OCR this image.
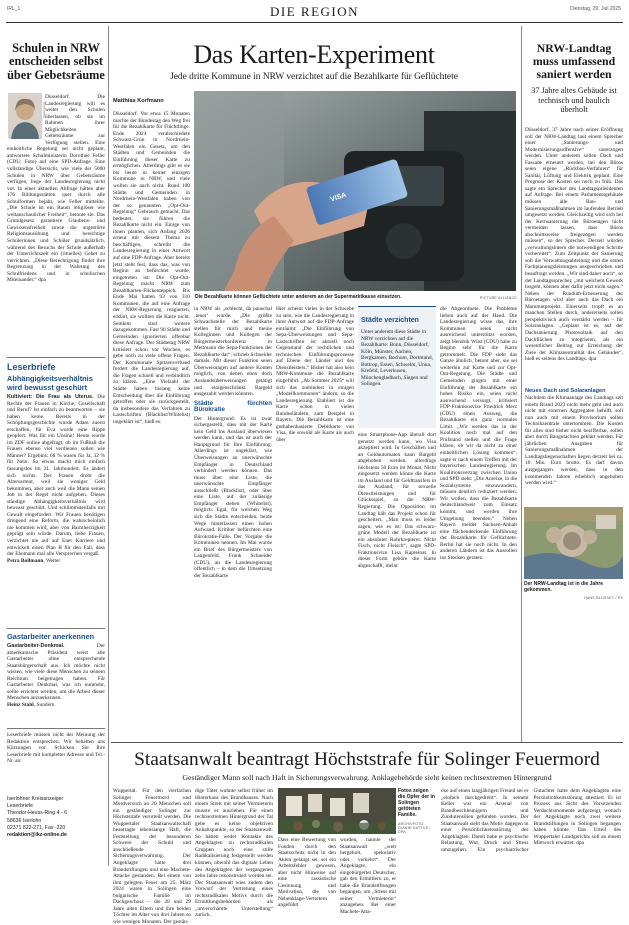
IRL_1	DIE REGION	Dienstag, 29. Juli 2025
Schulen in NRW entscheiden selbst über Gebetsräume
Isabel Görtz

Düsseldorf. Die Landesregierung will es weiter den Schulen überlassen, ob sie im Rahmen ihrer Möglichkeiten Gebetsräume zur Verfügung stellen. Eine einheitliche Regelung sei nicht geplant, antwortete Schulministerin Dorothee Feller (CDU; Foto) auf eine SPD-Anfrage. Eine vollständige Übersicht, wie viele der 5000 Schulen in NRW über Gebetsräume verfügen, liege der Landesregierung nicht vor. In einer aktuellen Abfrage hätten aber 176 Bildungsstätten quer durch alle Schulformen bejaht, wie Feller mitteilte. „Die Schule ist ein Raum religiöser wie weltanschaulicher Freiheit“, betonte sie. Das Grundgesetz garantiere Glaubens- und Gewissensfreiheit sowie die ungestörte Religionsausübung und berechtige Schülerinnen und Schüler grundsätzlich, während des Besuchs der Schule außerhalb der Unterrichtszeit ein (rituelles) Gebet zu verrichten. „Diese Berechtigung findet ihre Begrenzung in der Wahrung des Schulfriedens und in schulischen Miteinander.“ dpa

Leserbriefe
Abhängigkeitsverhältnis wird bewusst geschürt
Kultiviert: Die Frau als Uterus. Die Rechte der Frauen in Kirche, Gesellschaft und Beruf? Ist einfach zu beantworten – sie haben keine. Bereits in der Schöpfungsgeschichte wurde Adam zuerst erschaffen, für Eva wurde eine Rippe geopfert. Was für ein Unsinn! Heute wurde im ZDF online abgefragt, ob im Fußball die Frauen ebenso viel verdienen sollen wie Männer? Ergebnis: 68 % waren für Ja, 32 % für Nein. So etwas macht mich einfach fassungslos im 21. Jahrhundert. Es ändert sich nichts. Der Frauen droht die Altersarmut, weil sie weniger Geld bekommen, aber auch weil die Mann seinen Job in der Regel nicht aufgeben. Dieses ständige Abhängigkeitsverhältnis wird bewusst geschürt. Und schlimmstenfalls mit Gewalt eingefordert. Wir Frauen benötigen dringend eine Reform, die wahrscheinlich nie kommen wird, aber von Barmherzigkeit geprägt sein würde. Darum, liebe Frauen, verzichtet nie auf auf Euer Karriere und entwickelt einen Plan B für den Fall, dass der Ehemann mal alle Versprechen vergaß.
Petra Bollmann, Wetter
Gastarbeiter anerkennen
Gastarbeiter-Denkmal.	Der amerikanische Präsident weist alle Gastarbeiter ohne entsprechende Staatsbürgerschaft aus. Ich möchte nicht wissen, wie viele diese Menschen zu seinem Reichtum beigetragen haben. Für Gastarbeiter Denkmal, was ich nunmehr, sollte errichtet werden, um die Arbeit dieser Menschen anzuerkennen.
Heinz Stahl, Sundern
Leserbriefe müssen nicht der Meinung der Redaktion entsprechen. Wir behalten uns Kürzungen vor. Schicken Sie Ihre Leserbriefe mit kompletter Adresse und Tel.-Nr. an:
Iserlohner Kreisanzeiger
Leserbriefe
Theodor-Heuss-Ring 4 - 6
58636 Iserlohn
02371 822-271, Fax -220
redaktion@ikz-online.de
Das Karten-Experiment
Jede dritte Kommune in NRW verzichtet auf die Bezahlkarte für Geflüchtete
Matthias Korfmann
Düsseldorf. Vor etwa 15 Monaten machte der Bundestag den Weg frei für die Bezahlkarte für Flüchtlinge. Ende 2024 verabschiedete Schwarz-Grün in Nordrhein-Westfalen ein Gesetz, um den Städten und Gemeinden die Einführung dieser Karte zu ermöglichen. Allerdings gibt es sie bis heute in keiner einzigen Kommune in NRW, und viele wollen sie auch nicht. Rund 100 Städte und Gemeinden in Nordrhein-Westfalen haben von der so genannten „Opt-Out-Regelung“ Gebrauch gemacht. Das bedeutet, sie führen die Bezahlkarte nicht ein. Einige von ihnen planten, sich Anfang 2026 erneut mit diesem Thema zu beschäftigen, schreibt die Landesregierung in einer Antwort auf eine FDP-Anfrage. Aber bereits jetzt steht fest, dass das, was von Beginn an befürchtet wurde, eingetreten ist: Die Opt-Out-Regelung macht NRW zum Bezahlkarten-Flickenteppich. Bis Ende Mai hatten 93 von 310 Kommunen, die auf eine Anfrage der NRW-Regierung reagierten, erklärt, sie wollten die Karte nicht. Seitdem sind weitere dazugekommen. Fast 90 Städte und Gemeinden ignorierten offenbar diese Anfrage. Der Städtetag NRW kritisiert schon vor Wochen, es gebe noch zu viele offene Fragen. Der Kommunale Spitzenverband fordert die Landesregierung auf, die Fragen schnell und verbindlich zu klären. „Eine Vielzahl der Städte haben bislang keine Entscheidung über die Einführung getroffen oder sie zurückgestellt, da insbesondere das Verfahren zu Lastschriften (Blacklist/Whitelist) ungeklärt ist“, hieß es.
VISA
Die Bezahlkarte können Geflüchtete unter anderem an der Supermarktkasse einsetzen.	PICTURE ALLIANCE

in NRW als „schlecht, da pauschal ‚teuer‘ wurde. „Die größte Schwachstelle der Bezahlkarte stellen für mich und meine Kolleginnen und Kollegen der Bürgermeisterkonferenz in Mettmann die Sepa-Funktionen der Bezahlkarte dar“, schrieb Schneider damals. Mit dieser Funktion seien Überweisungen auf andere Konten möglich, von denen eben doch Auslandsüberweisungen getätigt und einigenschränkt Bargeld ausgezahlt werden könnten.

Städte fürchten Bürokratie

Der Hintergrund: Es ist zwar sichergestellt, dass mit der Karte kein Geld ins Ausland überwiesen werden kann, und das ist auch der Hauptgrund für Ihre Einführung. Allerdings ist ungeklärt, wie Überweisungen an unerwünschte Empfänger in Deutschland verhindert werden können. Das muss über eine Liste, die unerwünschte Empfänger ausschließt (Blacklist), oder über eine Liste, auf der zulässige Empfänger stehen (Whitelist), möglich. Egal, für welchen Weg sich die Städte entscheiden, beide Wege hinterlassen einen hohen Aufwand. Kritiker befürchten eine Bürokratie-Falle. Der Vorgabe die Kommunen nennen. Im Mai wurde ein Brief des Bürgermeisters von Langenfeld, Frank Schneider (CDU), an die Landesregierung öffentlich – in dem die Umsetzung der Bezahlkarte

Hier scheint vieles in der Schwebe zu sein, wie die Landesregierung in ihrer Antwort auf die FDP-Anfrage einräumt: „Die Einführung von Sepa-Überweisungen und Sepa-Lastschriften ist aktuell noch Gegenstand der rechtlichen und technischen Einführungsprozesse auf Ebene der Länder und des Dienstleisters.“ Bisher hat also kein NRW-Kommune die Bezahlkarte eingeführt. „Ab Sommer 2025“ will sich das zumindest in einigen „Modellkommunen“ ändern, so die Landesregierung. Etabliert ist die Karte schon in vielen Bundesländern, zum Beispiel in Bayern. Die Bezahlkarte ist eine guthabenbasierte Debitkarte von Visa, die sowohl als Karte als auch über
Städte verzichten
Unter anderem diese Städte in NRW verzichten auf die Bezahlkarte: Bonn, Düsseldorf, Köln, Münster, Aachen, Bergkamen, Bochum, Dortmund, Bottrop, Essen, Schwelm, Unna, Krefeld, Leverkusen, Mönchengladbach, Siegen und Solingen.
eine Smartphone-App überall dort genutzt werden kann, wo Visa akzeptiert wird. In Geschäften und an Geldautomaten kann Bargeld abgehoben werden, allerdings höchstens 50 Euro im Monat. Nicht eingesetzt werden könne die Karte im Ausland und für Geldtransfers in das Ausland, für sexuelle Dienstleistungen und für Glücksspiel, so die NRW-Regierung. Die Opposition im Landtag hält das Projekt schon für gescheitert. „Man muss es leider sagen, wie es ist: Das schwarz-grüne Modell der Bezahlkarte ist ein absoluter Rohrkrepierer. Nicht Fisch, nicht Fleisch“, sagte SPD-Fraktionsvize Lisa Kapteinat. In dieser Form gehöre die Karte abgeschafft, meint
die Abgeordnete. Die Probleme lieben auch auf der Hand. Die Landesregierung wisse das, ihre Kommunen seien nicht ausreichend unterstützt worden, zeigt Hendrik Wüst (CDU) habe zu Beginn sehr für die Karte getrommelt. Die FDP sieht das Ganze ähnlich, betont aber, sie sei weiterhin zur Karte und zur Opt-Out-Regelung. Die Städte und Gemeinden gingen mit einer Einführung der Bezahlkarte ein hohes Risiko ein, seien nicht ausreichend versorgt, kritisiert FDP-Fraktionsvize Friedrich Merz (CDU) einen Ausweg, die Bezahlkarte ein ganz normales Limit. „Wir werden das in der Koalition noch mal auf den Prüfstand stellen und die Frage klären, ob wir da nicht zu einer einheitlichen Lösung kommen“, sagte er nach einem Treffen mit der bayerischen Landesregierung. Im Koalitionsvertrag zwischen Union und SPD steht: „Die Anreize, in die Sozialsysteme einzuwandern, müssen deutlich reduziert werden. Wir wollen, dass die Bezahlkarte deutschlandweit zum Einsatz kommt, und werden ihre Umgehung beenden.“ Neben Bayern meldet Sachsen-Anhalt eine flächendeckende Einführung der Bezahlkarte für Geflüchtete. Berlin hat sie noch nicht. In den anderen Ländern ist das Ausrollen ins Stocken geraten.
NRW-Landtag muss umfassend saniert werden
37 Jahre altes Gebäude ist technisch und baulich überholt
Düsseldorf. 37 Jahre nach seiner Eröffnung soll der NRW-Landtag laut einem Sprecher einer „Sanierungs- und Modernisierungsoffensive“ unterzogen werden. Unter anderem sollen Dach und Fassade erneuert werden, bei den Büros seien eigene „Rückbau-Verfahren“ für Sanitär, Lüftung und Elektrik geplant. Eine Prognose der Kosten sei noch zu früh. Das sagte ein Sprecher des Landtagspräsidenten auf Anfrage. Bei einem Parlamentsgebäude müssen alle Bau- und Sanierungsmaßnahmen im laufenden Betrieb umgesetzt werden. Gleichzeitig wird sich bei der Kernsanierung der Büroetagen nicht vermeiden lassen, dass Büros abschnittsweise freigezogen werden müssen“, so der Sprecher. Derzeit würden „verwaltungsintern die notwendigen Schritte vorbereitet“. Zum Zeitpunkt der Sanierung soll die Verwaltungsabteilung und die ersten Fachplanungsleistungen ausgeschrieben und beauftragt werden. „Wir sind daher auch“, so der Landtagssprecher, „mit welchem Gewerk losgeht, können aber dafür jetzt nicht sagen.“ Neben der Rundum-Erneuerung der Büroetagen wird aber auch das Dach ein Mammutprojekt. Einerseits tropft es an manchen Stellen durch, andererseits sollen perspektivisch auch verstärkt werden – für Solaranlagen. „Geplant ist es, auf der Dachsanierung Photovoltaik auf den Dachflächen zu integrieren, als ein wesentlicher Beitrag zur Erreichung der Ziele der Klimaneutralität des Gebäudes“, hieß es seitens des Landtags. dpa
Neues Dach und Solaranlagen
Nachdem die Klimaanlage des Landtags seit einem Brand 2023 nicht mehr geht und auch nicht mit externen Aggregaten behilft, soll nun auch mit einem Provisorium sollen Technikzentrale untertommen. Die Kosten für alles sind bisher nicht bezifferbar, sollen aber durch Baugutachten geklärt werden. Für jährlichen Ausgaben für Sanierungsmaßnahmen der Landtagsliegenschaften liegen derzeit bei ca. 10 Mio. Euro brutto. Es darf davon ausgegangen werden, dass in den kommenden Jahren erheblich angehoben werden wird.“
Der NRW-Landtag ist in die Jahre gekommen.
HANS BLOSSEY / PS
Staatsanwalt beantragt Höchststrafe für Solinger Feuermord
Geständiger Mann soll nach Haft in Sicherungsverwahrung. Anklagebehörde sieht keinen rechtsextremen Hintergrund
Wuppertal. Für den vierfachen Solinger Feuermord und Mordversuch an 20 Menschen soll ein geständiger Solinger zur Höchststrafe verurteilt werden. Die Wuppertaler Staatsanwaltschaft beantragte lebenslange Haft, die Feststellung der besonderen Schwere der Schuld und anschließende Sicherungsverwahrung. Der Angeklagte hatte drei Brandstiftungen und eine Machete-Attacke gestanden. Bei einem von ihm gelegten Feuer am 25. März 2024 waren in Solingen eine bulgarische Familie im Dachgeschoss – die 28 und 29 Jahre alten Eltern und ihre beiden Töchter im Alter von drei Jahren so wie wenigen Monaten. Der gestän-
dige Täter wohnte selbst früher im Hinterhaus des Brandhauses. Nach einem Streit mit seiner Vermieterin musste er ausziehen. Für einen rechtsextremen Hintergrund der Tat gebe es keine objektiven Anhaltspunkte, so der Staatsanwalt. So hätten weder Kontakte des Angeklagten zu rechtsradikalen Gruppen noch eine stille Radikalisierung festgestellt werden können, obwohl das digitale Leben des Angeklagten der vergangenen zehn Jahre rekonstruiert worden sei. Der Staatsanwalt wies zudem den Vorwurf der Vertretung eines rechtsradikalen Motivs durch die Ermittlungsbehörden als „unverschämte Unterstellung“ zurück.
Fotos zeigen die Opfer der in Solingen getöteten Familie.
ARCHIVFOTO: GIANNI GATTUS / DPA
Dass eine Bewertung von Funden durch den Staatsschutz nicht in den Akten gelangt sei, sei ein Arbeitsfehler gewesen, aber nicht Hinweise auf eine rassistische Gesinnung und Motivation, die von Nebenklage-Vertretern angeführt
wurden, nannte der Staatsanwalt „weit hergeholt, spekulativ oder verkehrt“. Der Angeklagte, ein eingebürgerter Deutscher, gab den Ermittlern zu, er habe die Brandstiftungen begangen, um „Stress mit seiner Vermieterin“ anzugehen. Bei einer Machete-Atta-
cke auf einen langjährigen Freund sei er „einfach durchgedreht“. In seinem Keller war ein Arsenal von Brandbeschleunigern und Zündutensilien gefunden worden. Der Staatsanwalt sieht das Motiv dagegen in einer Persönlichkeitsstörung des Angeklagten. Damit habe er psychische Belastung, Wut, Druck und Stress umzugehen. Ein psychiatrischer Gutachter hatte dem Angeklagten eine Persönlichkeitsstörung attestiert. Er ist Prozess aus Sicht des Vorsitzenden Verdachtsmomente aufgezeigt, wonach der Angeklagte noch zwei weitere Brandstiftungen in Solingen begangen haben könnte. Das Urteil des Wuppertaler Landgerichts soll an einem Mittwoch erwartet. dpa
